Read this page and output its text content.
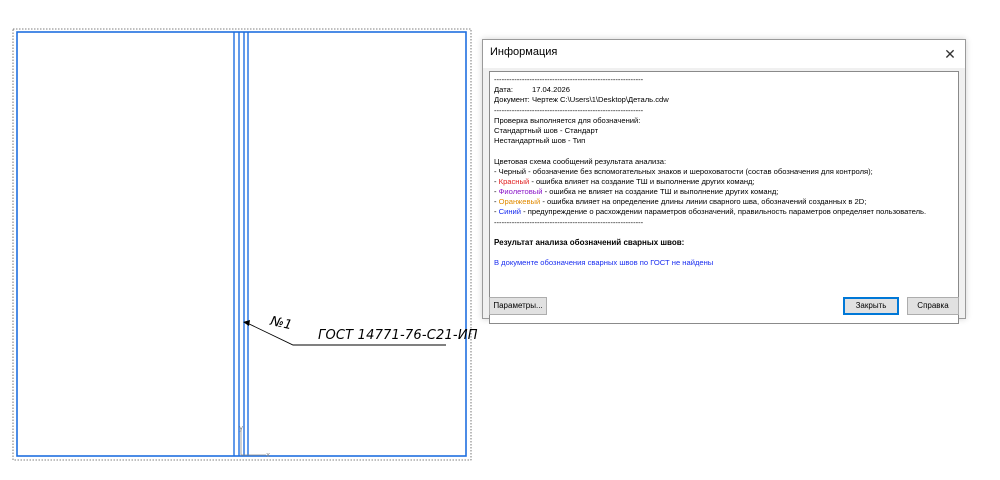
y
x
№1
ГОСТ 14771-76-С21-ИП
Информация	✕
-----------------------------------------------------------
Дата:	17.04.2026
Документ: Чертеж C:\Users\1\Desktop\Деталь.cdw
-----------------------------------------------------------
Проверка выполняется для обозначений:
Стандартный шов - Стандарт
Нестандартный шов - Тип
Цветовая схема сообщений результата анализа:
- Черный - обозначение без вспомогательных знаков и шероховатости (состав обозначения для контроля);
- Красный - ошибка влияет на создание ТШ и выполнение других команд;
- Фиолетовый - ошибка не влияет на создание ТШ и выполнение других команд;
- Оранжевый - ошибка влияет на определение длины линии сварного шва, обозначений созданных в 2D;
- Синий - предупреждение о расхождении параметров обозначений, правильность параметров определяет пользователь.
-----------------------------------------------------------
Результат анализа обозначений сварных швов:
В документе обозначения сварных швов по ГОСТ не найдены
Параметры...	Закрыть	Справка
